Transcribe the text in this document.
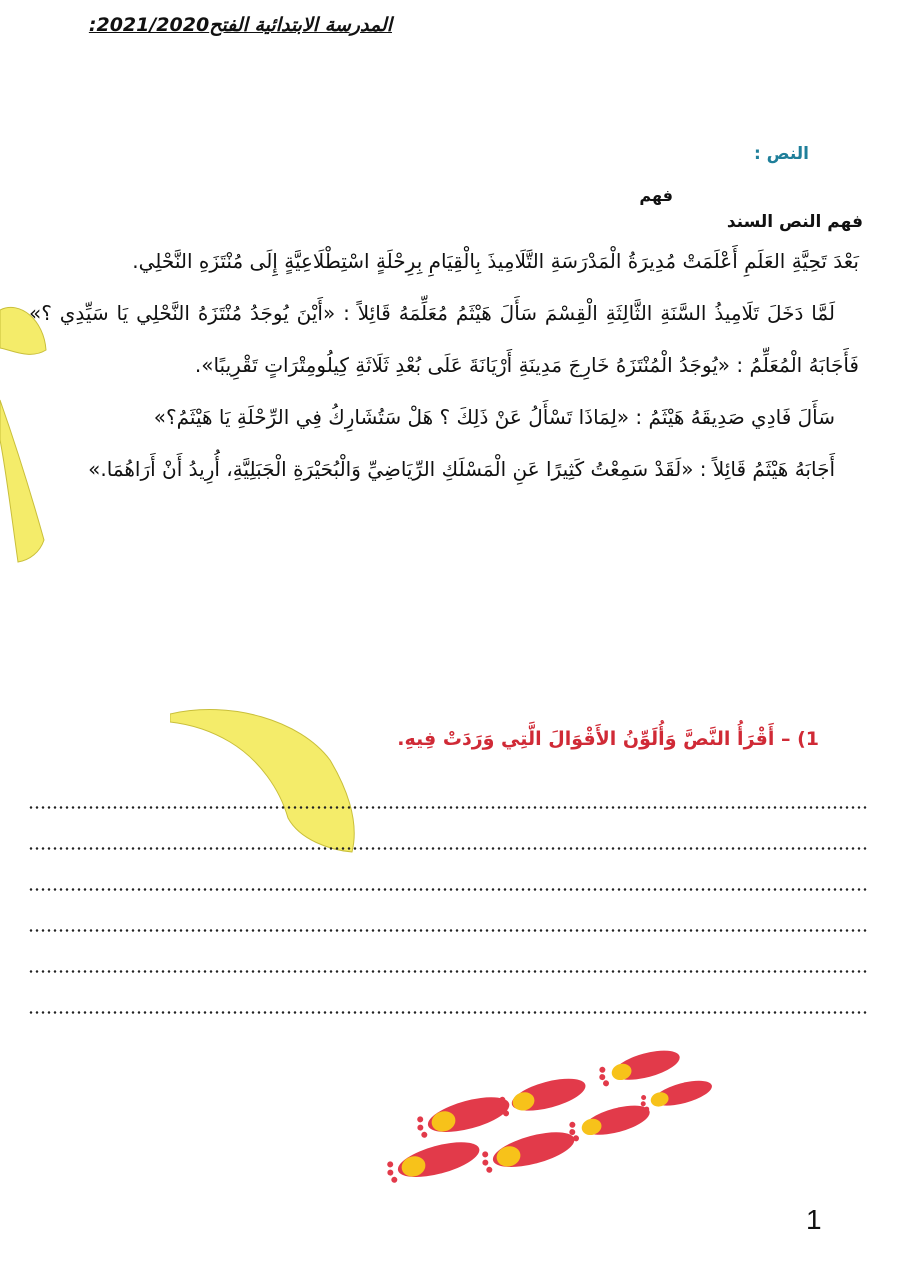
المدرسة الابتدائية الفتح2021/2020:
النص :
فهم
فهم النص السند

بَعْدَ تَحِيَّةِ العَلَمِ أَعْلَمَتْ مُدِيرَةُ الْمَدْرَسَةِ التَّلَامِيذَ بِالْقِيَامِ بِرِحْلَةٍ اسْتِطْلَاعِيَّةٍ إِلَى مُنْتَزَهِ النَّحْلِي.

لَمَّا دَخَلَ تَلَامِيذُ السَّنَةِ الثَّالِثَةِ الْقِسْمَ سَأَلَ هَيْثَمُ مُعَلِّمَهُ قَائِلاً : «أَيْنَ يُوجَدُ مُنْتَزَهُ النَّحْلِي يَا سَيِّدِي ؟» فَأَجَابَهُ الْمُعَلِّمُ : «يُوجَدُ الْمُنْتَزَهُ خَارِجَ مَدِينَةِ أَرْيَانَةَ عَلَى بُعْدِ ثَلَاثَةِ كِيلُومِتْرَاتٍ تَقْرِيبًا».

سَأَلَ فَادِي صَدِيقَهُ هَيْثَمُ : «لِمَاذَا تَسْأَلُ عَنْ ذَلِكَ ؟ هَلْ سَتُشَارِكُ فِي الرِّحْلَةِ يَا هَيْثَمُ؟»

أَجَابَهُ هَيْثَمُ قَائِلاً : «لَقَدْ سَمِعْتُ كَثِيرًا عَنِ الْمَسْلَكِ الرِّيَاضِيِّ وَالْبُحَيْرَةِ الْجَبَلِيَّةِ، أُرِيدُ أَنْ أَرَاهُمَا.»

1) – أَقْرَأُ النَّصَّ وَأُلَوِّنُ الأَقْوَالَ الَّتِي وَرَدَتْ فِيهِ.
1
